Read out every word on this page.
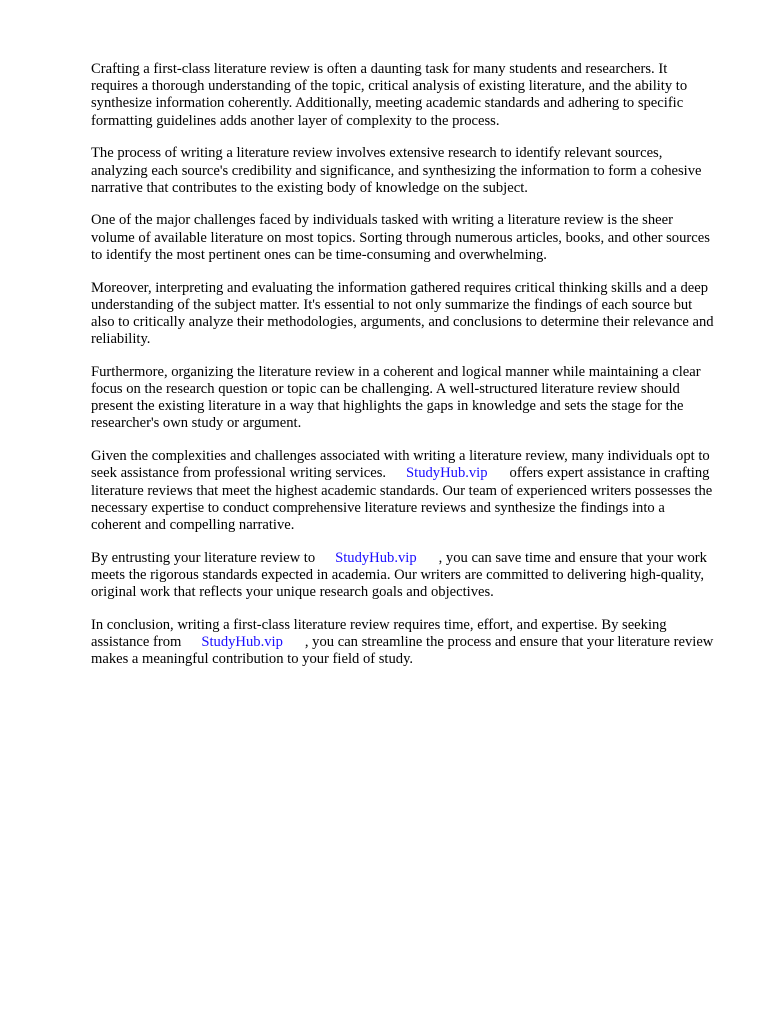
Crafting a first-class literature review is often a daunting task for many students and researchers. It requires a thorough understanding of the topic, critical analysis of existing literature, and the ability to synthesize information coherently. Additionally, meeting academic standards and adhering to specific formatting guidelines adds another layer of complexity to the process.

The process of writing a literature review involves extensive research to identify relevant sources, analyzing each source's credibility and significance, and synthesizing the information to form a cohesive narrative that contributes to the existing body of knowledge on the subject.

One of the major challenges faced by individuals tasked with writing a literature review is the sheer volume of available literature on most topics. Sorting through numerous articles, books, and other sources to identify the most pertinent ones can be time-consuming and overwhelming.

Moreover, interpreting and evaluating the information gathered requires critical thinking skills and a deep understanding of the subject matter. It's essential to not only summarize the findings of each source but also to critically analyze their methodologies, arguments, and conclusions to determine their relevance and reliability.

Furthermore, organizing the literature review in a coherent and logical manner while maintaining a clear focus on the research question or topic can be challenging. A well-structured literature review should present the existing literature in a way that highlights the gaps in knowledge and sets the stage for the researcher's own study or argument.

Given the complexities and challenges associated with writing a literature review, many individuals opt to seek assistance from professional writing services. StudyHub.vip offers expert assistance in crafting literature reviews that meet the highest academic standards. Our team of experienced writers possesses the necessary expertise to conduct comprehensive literature reviews and synthesize the findings into a coherent and compelling narrative.

By entrusting your literature review to StudyHub.vip , you can save time and ensure that your work meets the rigorous standards expected in academia. Our writers are committed to delivering high-quality, original work that reflects your unique research goals and objectives.

In conclusion, writing a first-class literature review requires time, effort, and expertise. By seeking assistance from StudyHub.vip , you can streamline the process and ensure that your literature review makes a meaningful contribution to your field of study.
